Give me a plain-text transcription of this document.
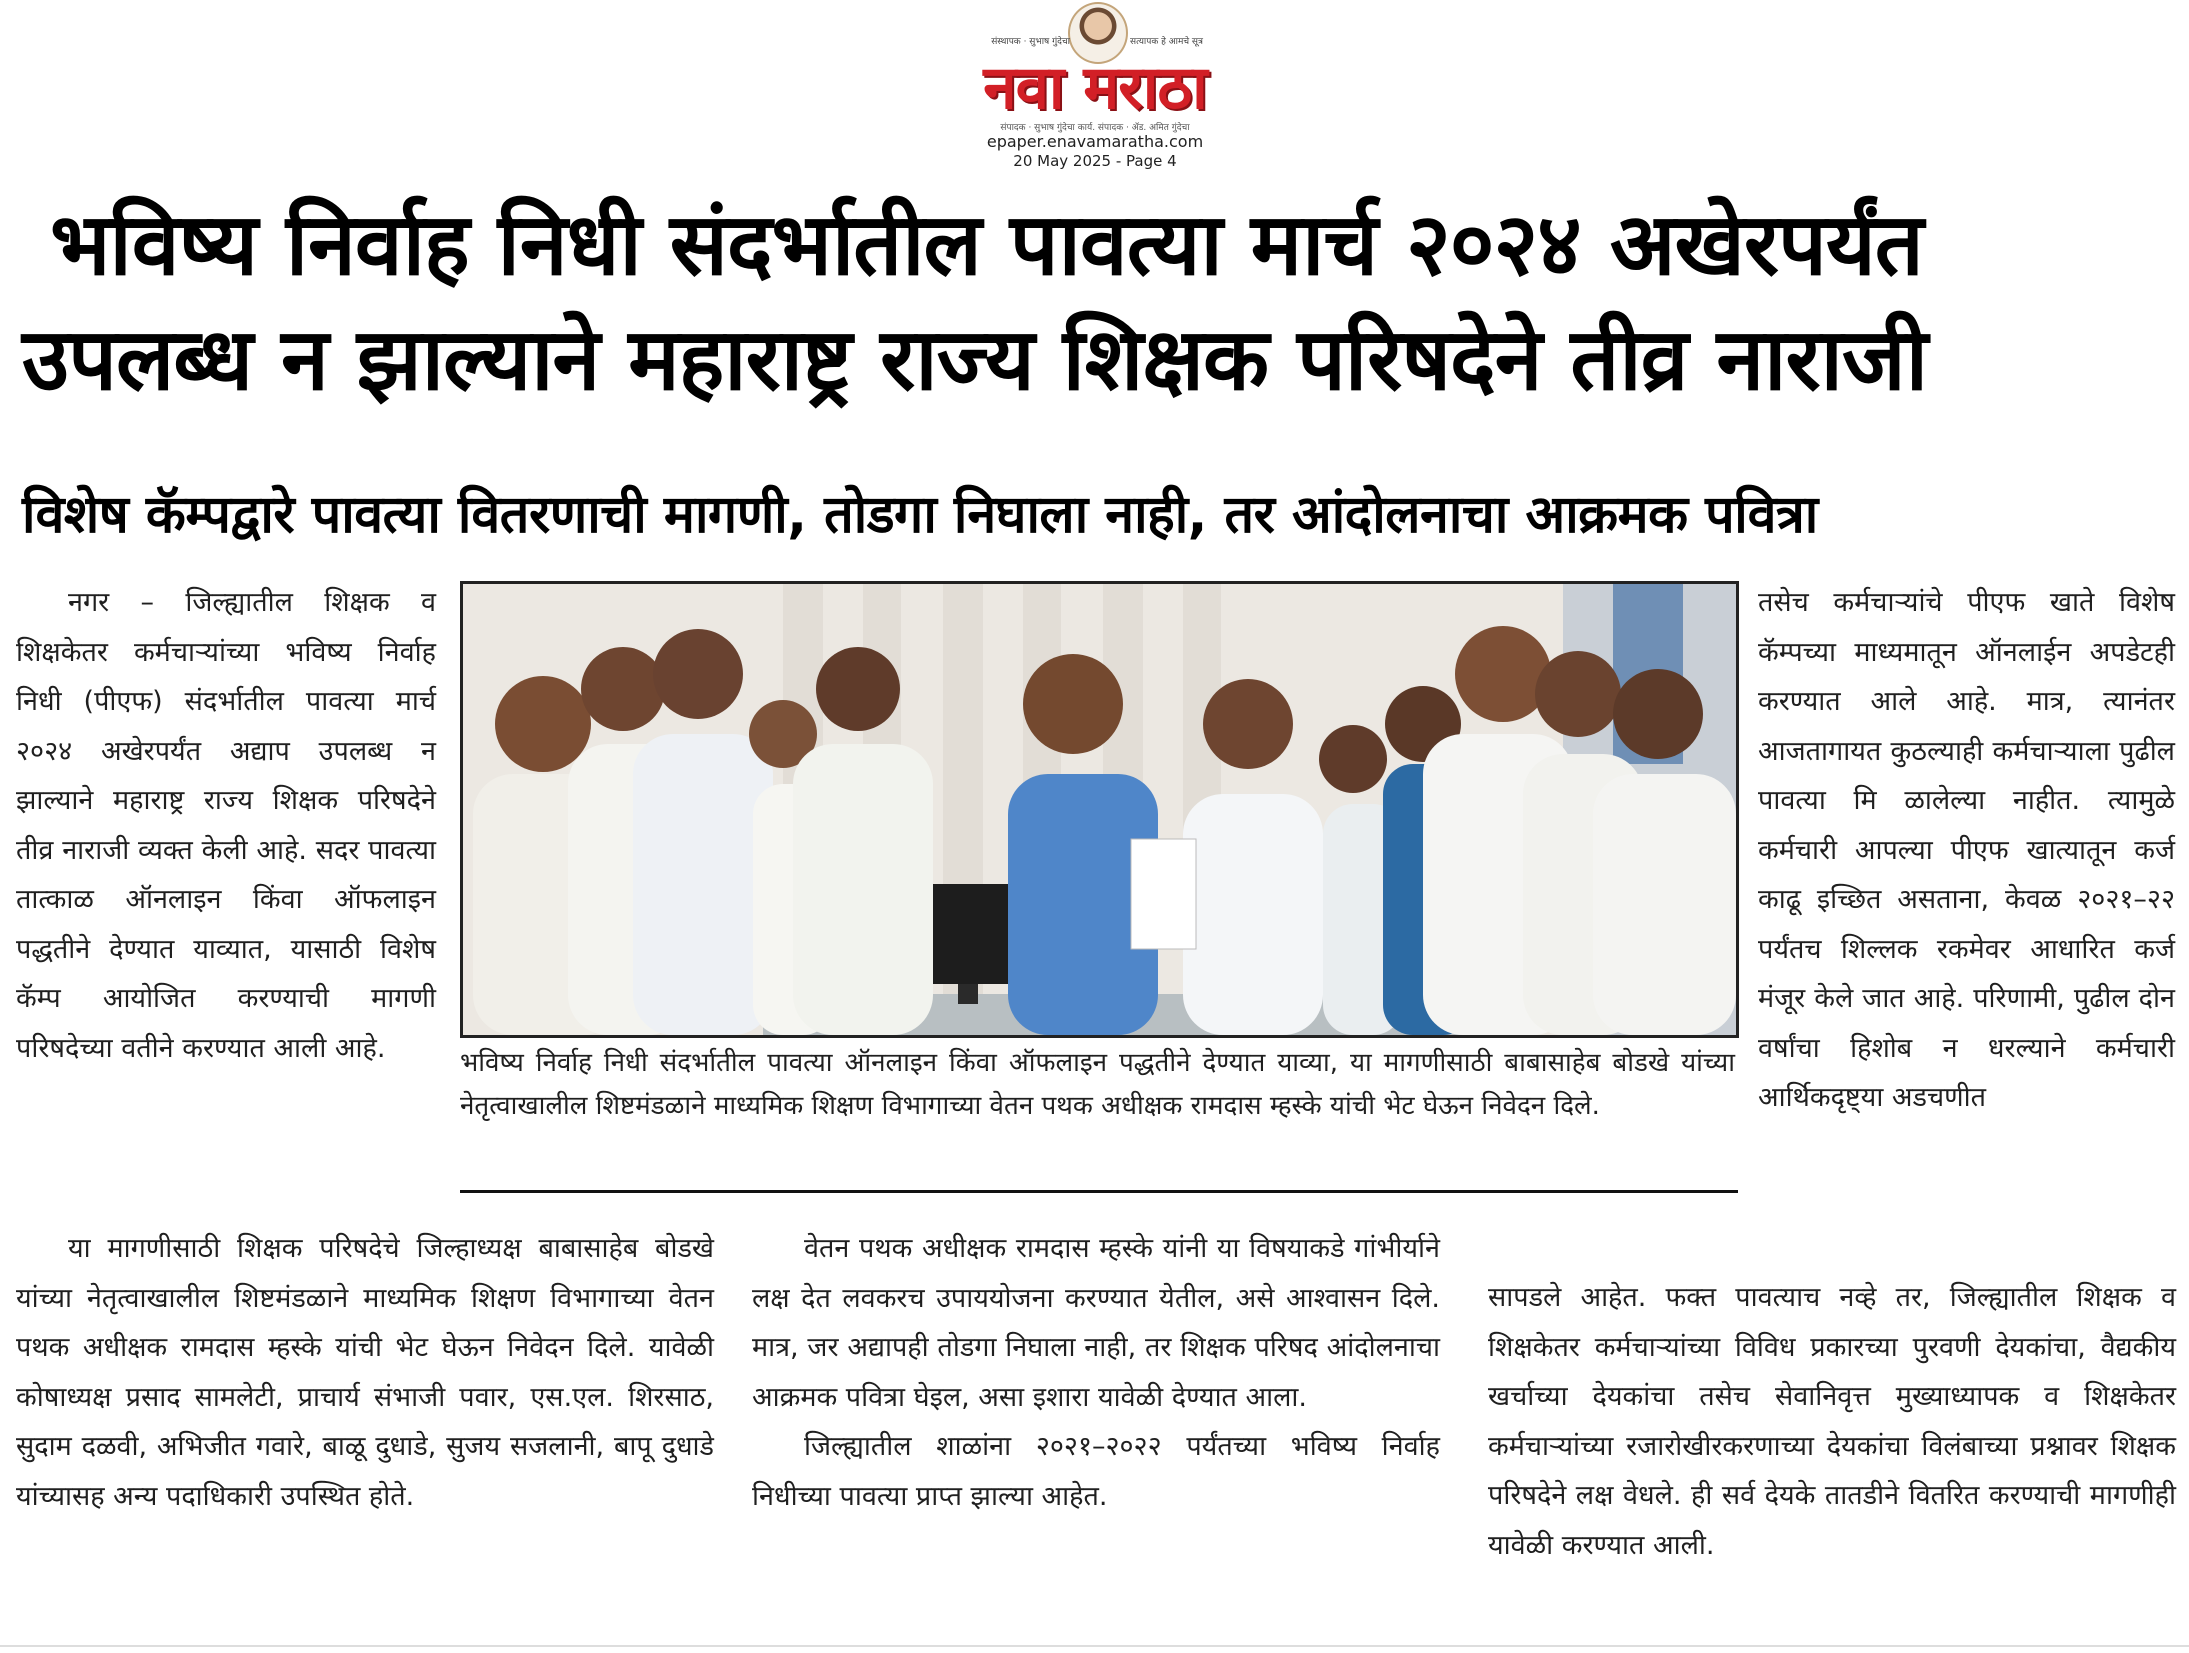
संस्थापक · सुभाष गुंदेचा	सत्यापक हे आमचे सूत्र
नवा मराठा
संपादक · सुभाष गुंदेचा कार्य. संपादक · ॲड. अमित गुंदेचा
epaper.enavamaratha.com
20 May 2025 - Page 4
भविष्य निर्वाह निधी संदर्भातील पावत्या मार्च २०२४ अखेरपर्यंत
उपलब्ध न झाल्याने महाराष्ट्र राज्य शिक्षक परिषदेने तीव्र नाराजी
विशेष कॅम्पद्वारे पावत्या वितरणाची मागणी, तोडगा निघाला नाही, तर आंदोलनाचा आक्रमक पवित्रा

नगर – जिल्ह्यातील शिक्षक व शिक्षकेतर कर्मचाऱ्यांच्या भविष्य निर्वाह निधी (पीएफ) संदर्भातील पावत्या मार्च २०२४ अखेरपर्यंत अद्याप उपलब्ध न झाल्याने महाराष्ट्र राज्य शिक्षक परिषदेने तीव्र नाराजी व्यक्त केली आहे. सदर पावत्या तात्काळ ऑनलाइन किंवा ऑफलाइन पद्धतीने देण्यात याव्यात, यासाठी विशेष कॅम्प आयोजित करण्याची मागणी परिषदेच्या वतीने करण्यात आली आहे.

या मागणीसाठी शिक्षक परिषदेचे जिल्हाध्यक्ष बाबासाहेब बोडखे यांच्या नेतृत्वाखालील शिष्टमंडळाने माध्यमिक शिक्षण विभागाच्या वेतन पथक अधीक्षक रामदास म्हस्के यांची भेट घेऊन निवेदन दिले. यावेळी कोषाध्यक्ष प्रसाद सामलेटी, प्राचार्य संभाजी पवार, एस.एल. शिरसाठ, सुदाम दळवी, अभिजीत गवारे, बाळू दुधाडे, सुजय सजलानी, बापू दुधाडे यांच्यासह अन्य पदाधिकारी उपस्थित होते.

भविष्य निर्वाह निधी संदर्भातील पावत्या ऑनलाइन किंवा ऑफलाइन पद्धतीने देण्यात याव्या, या मागणीसाठी बाबासाहेब बोडखे यांच्या नेतृत्वाखालील शिष्टमंडळाने माध्यमिक शिक्षण विभागाच्या वेतन पथक अधीक्षक रामदास म्हस्के यांची भेट घेऊन निवेदन दिले.

वेतन पथक अधीक्षक रामदास म्हस्के यांनी या विषयाकडे गांभीर्याने लक्ष देत लवकरच उपाययोजना करण्यात येतील, असे आश्वासन दिले. मात्र, जर अद्यापही तोडगा निघाला नाही, तर शिक्षक परिषद आंदोलनाचा आक्रमक पवित्रा घेइल, असा इशारा यावेळी देण्यात आला.

जिल्ह्यातील शाळांना २०२१–२०२२ पर्यंतच्या भविष्य निर्वाह निधीच्या पावत्या प्राप्त झाल्या आहेत.

तसेच कर्मचाऱ्यांचे पीएफ खाते विशेष कॅम्पच्या माध्यमातून ऑनलाईन अपडेटही करण्यात आले आहे. मात्र, त्यानंतर आजतागायत कुठल्याही कर्मचाऱ्याला पुढील पावत्या मि ळालेल्या नाहीत. त्यामुळे कर्मचारी आपल्या पीएफ खात्यातून कर्ज काढू इच्छित असताना, केवळ २०२१–२२ पर्यंतच शिल्लक रकमेवर आधारित कर्ज मंजूर केले जात आहे. परिणामी, पुढील दोन वर्षांचा हिशोब न धरल्याने कर्मचारी आर्थिकदृष्ट्या अडचणीत

सापडले आहेत. फक्त पावत्याच नव्हे तर, जिल्ह्यातील शिक्षक व शिक्षकेतर कर्मचाऱ्यांच्या विविध प्रकारच्या पुरवणी देयकांचा, वैद्यकीय खर्चाच्या देयकांचा तसेच सेवानिवृत्त मुख्याध्यापक व शिक्षकेतर कर्मचाऱ्यांच्या रजारोखीरकरणाच्या देयकांचा विलंबाच्या प्रश्नावर शिक्षक परिषदेने लक्ष वेधले. ही सर्व देयके तातडीने वितरित करण्याची मागणीही यावेळी करण्यात आली.
